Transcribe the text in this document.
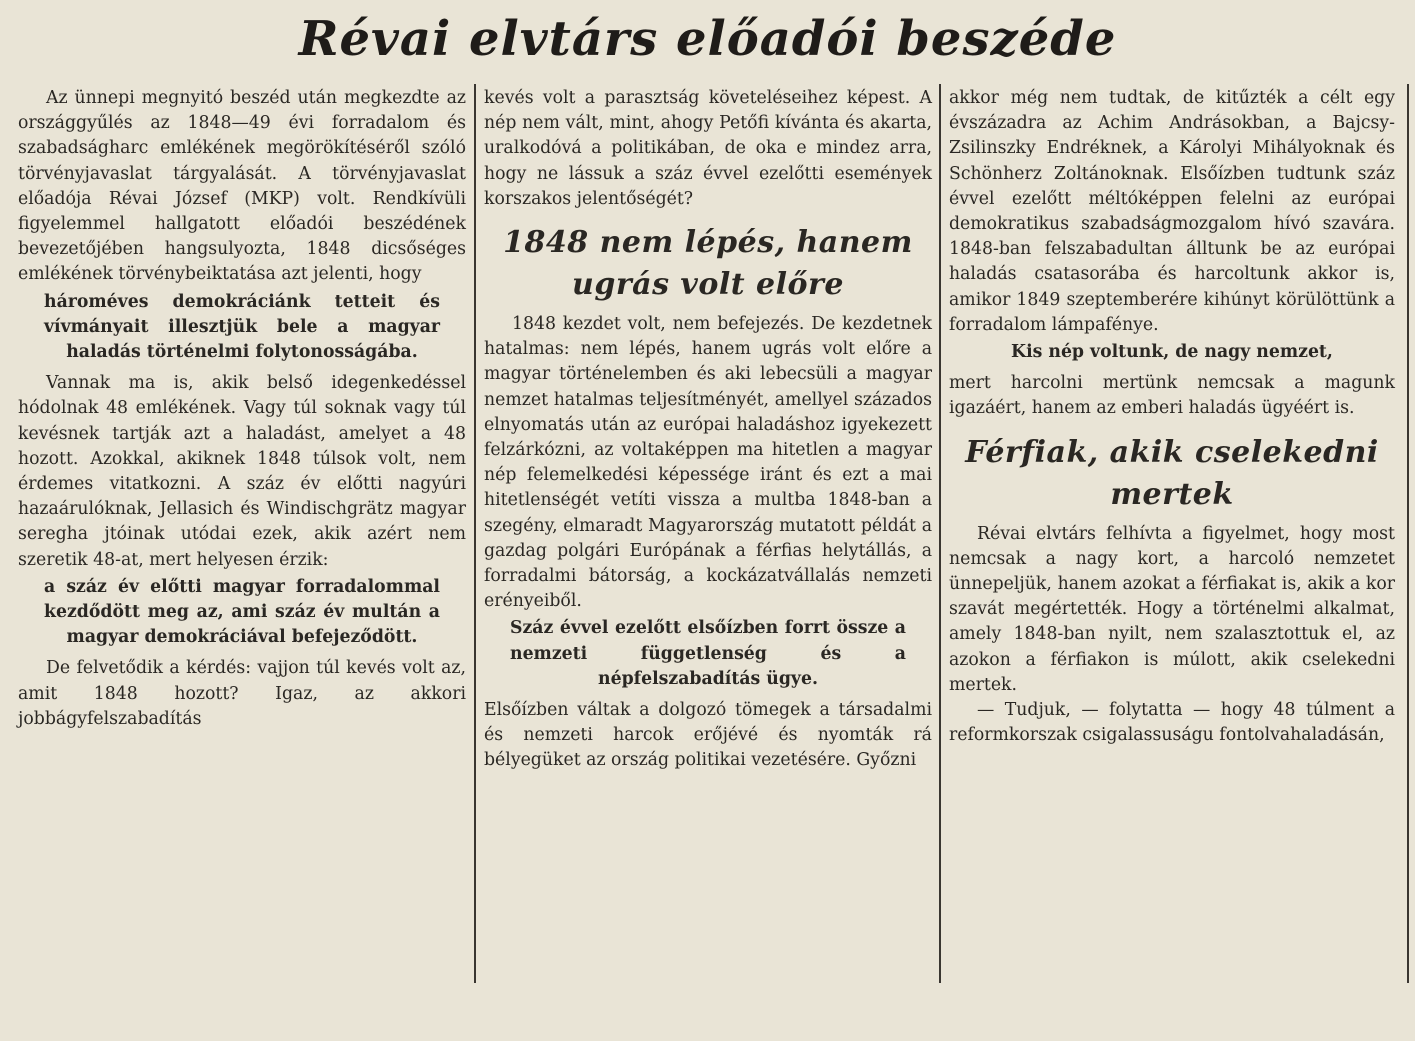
Révai elvtárs előadói beszéde

Az ünnepi megnyitó beszéd után megkezdte az országgyűlés az 1848—49 évi forradalom és szabadságharc emlékének megörökítéséről szóló törvényjavaslat tárgyalását. A törvényjavaslat előadója Révai József (MKP) volt. Rendkívüli figyelemmel hallgatott előadói beszédének bevezetőjében hangsulyozta, 1848 dicsőséges emlékének törvénybeiktatása azt jelenti, hogy

hároméves demokráciánk tetteit és vívmányait illesztjük bele a magyar haladás történelmi folytonosságába.

Vannak ma is, akik belső idegenkedéssel hódolnak 48 emlékének. Vagy túl soknak vagy túl kevésnek tartják azt a haladást, amelyet a 48 hozott. Azokkal, akiknek 1848 túlsok volt, nem érdemes vitatkozni. A száz év előtti nagyúri hazaárulóknak, Jellasich és Windischgrätz magyar seregha jtóinak utódai ezek, akik azért nem szeretik 48-at, mert helyesen érzik:

a száz év előtti magyar forradalommal kezdődött meg az, ami száz év multán a magyar demokráciával befejeződött.

De felvetődik a kérdés: vajjon túl kevés volt az, amit 1848 hozott? Igaz, az akkori jobbágyfelszabadítás

kevés volt a parasztság követeléseihez képest. A nép nem vált, mint, ahogy Petőfi kívánta és akarta, uralkodóvá a politikában, de oka e mindez arra, hogy ne lássuk a száz évvel ezelőtti események korszakos jelentőségét?

1848 nem lépés, hanem ugrás volt előre

1848 kezdet volt, nem befejezés. De kezdetnek hatalmas: nem lépés, hanem ugrás volt előre a magyar történelemben és aki lebecsüli a magyar nemzet hatalmas teljesítményét, amellyel százados elnyomatás után az európai haladáshoz igyekezett felzárkózni, az voltaképpen ma hitetlen a magyar nép felemelkedési képessége iránt és ezt a mai hitetlenségét vetíti vissza a multba 1848-ban a szegény, elmaradt Magyarország mutatott példát a gazdag polgári Európának a férfias helytállás, a forradalmi bátorság, a kockázatvállalás nemzeti erényeiből.

Száz évvel ezelőtt elsőízben forrt össze a nemzeti függetlenség és a népfelszabadítás ügye.

Elsőízben váltak a dolgozó tömegek a társadalmi és nemzeti harcok erőjévé és nyomták rá bélyegüket az ország politikai vezetésére. Győzni

akkor még nem tudtak, de kitűzték a célt egy évszázadra az Achim Andrásokban, a Bajcsy-Zsilinszky Endréknek, a Károlyi Mihályoknak és Schönherz Zoltánoknak. Elsőízben tudtunk száz évvel ezelőtt méltóképpen felelni az európai demokratikus szabadságmozgalom hívó szavára. 1848-ban felszabadultan álltunk be az európai haladás csatasorába és harcoltunk akkor is, amikor 1849 szeptemberére kihúnyt körülöttünk a forradalom lámpafénye.

Kis nép voltunk, de nagy nemzet,

mert harcolni mertünk nemcsak a magunk igazáért, hanem az emberi haladás ügyéért is.

Férfiak, akik cselekedni mertek

Révai elvtárs felhívta a figyelmet, hogy most nemcsak a nagy kort, a harcoló nemzetet ünnepeljük, hanem azokat a férfiakat is, akik a kor szavát megértették. Hogy a történelmi alkalmat, amely 1848-ban nyilt, nem szalasztottuk el, az azokon a férfiakon is múlott, akik cselekedni mertek.

— Tudjuk, — folytatta — hogy 48 túlment a reformkorszak csigalassuságu fontolvahaladásán,
